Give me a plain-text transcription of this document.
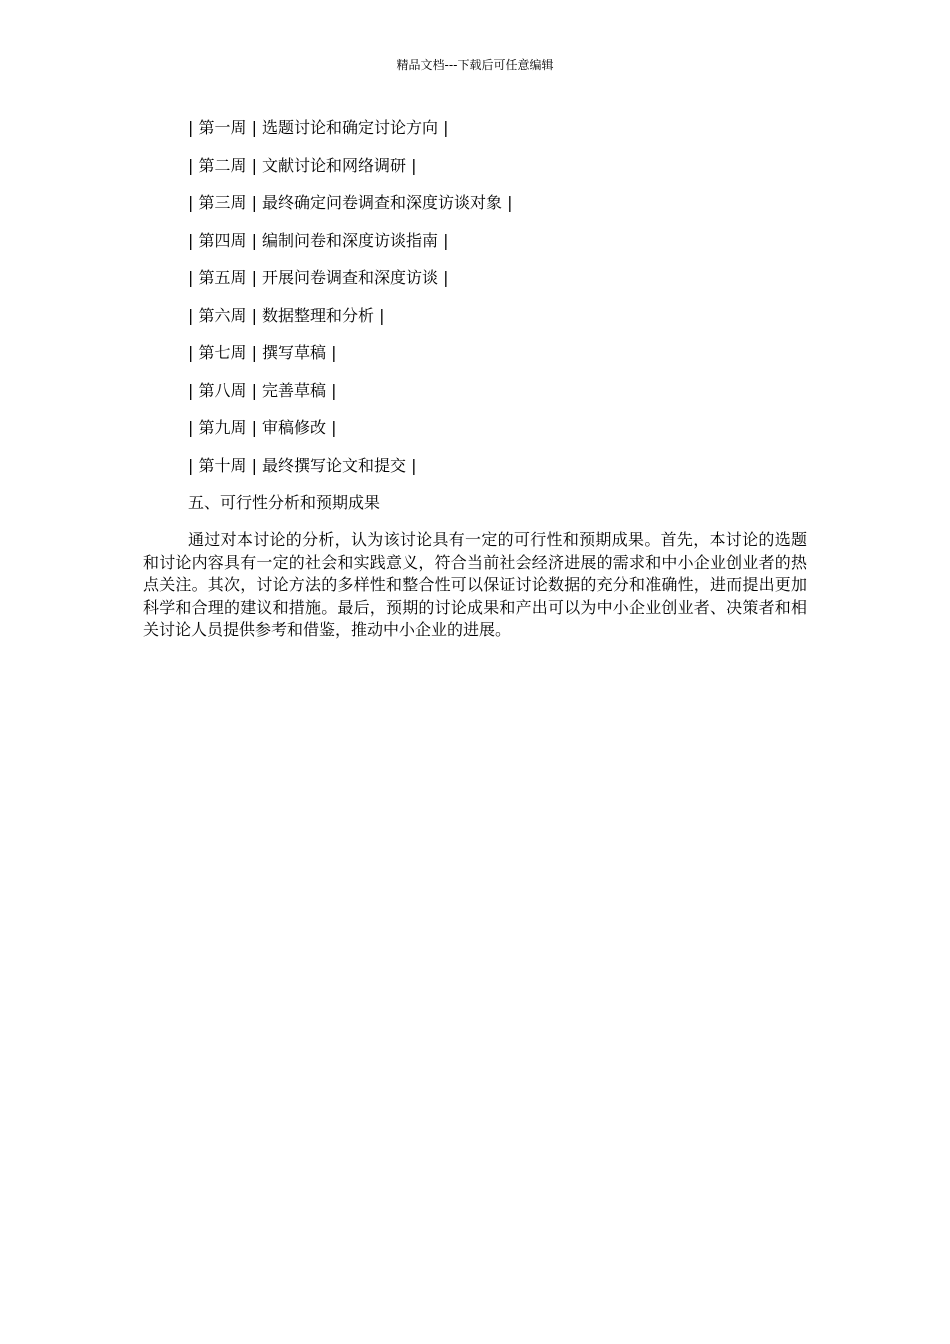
精品文档---下载后可任意编辑
| 第一周 | 选题讨论和确定讨论方向 |
| 第二周 | 文献讨论和网络调研 |
| 第三周 | 最终确定问卷调查和深度访谈对象 |
| 第四周 | 编制问卷和深度访谈指南 |
| 第五周 | 开展问卷调查和深度访谈 |
| 第六周 | 数据整理和分析 |
| 第七周 | 撰写草稿 |
| 第八周 | 完善草稿 |
| 第九周 | 审稿修改 |
| 第十周 | 最终撰写论文和提交 |
五、可行性分析和预期成果

通过对本讨论的分析，认为该讨论具有一定的可行性和预期成果。首先，本讨论的选题和讨论内容具有一定的社会和实践意义，符合当前社会经济进展的需求和中小企业创业者的热点关注。其次，讨论方法的多样性和整合性可以保证讨论数据的充分和准确性，进而提出更加科学和合理的建议和措施。最后，预期的讨论成果和产出可以为中小企业创业者、决策者和相关讨论人员提供参考和借鉴，推动中小企业的进展。
